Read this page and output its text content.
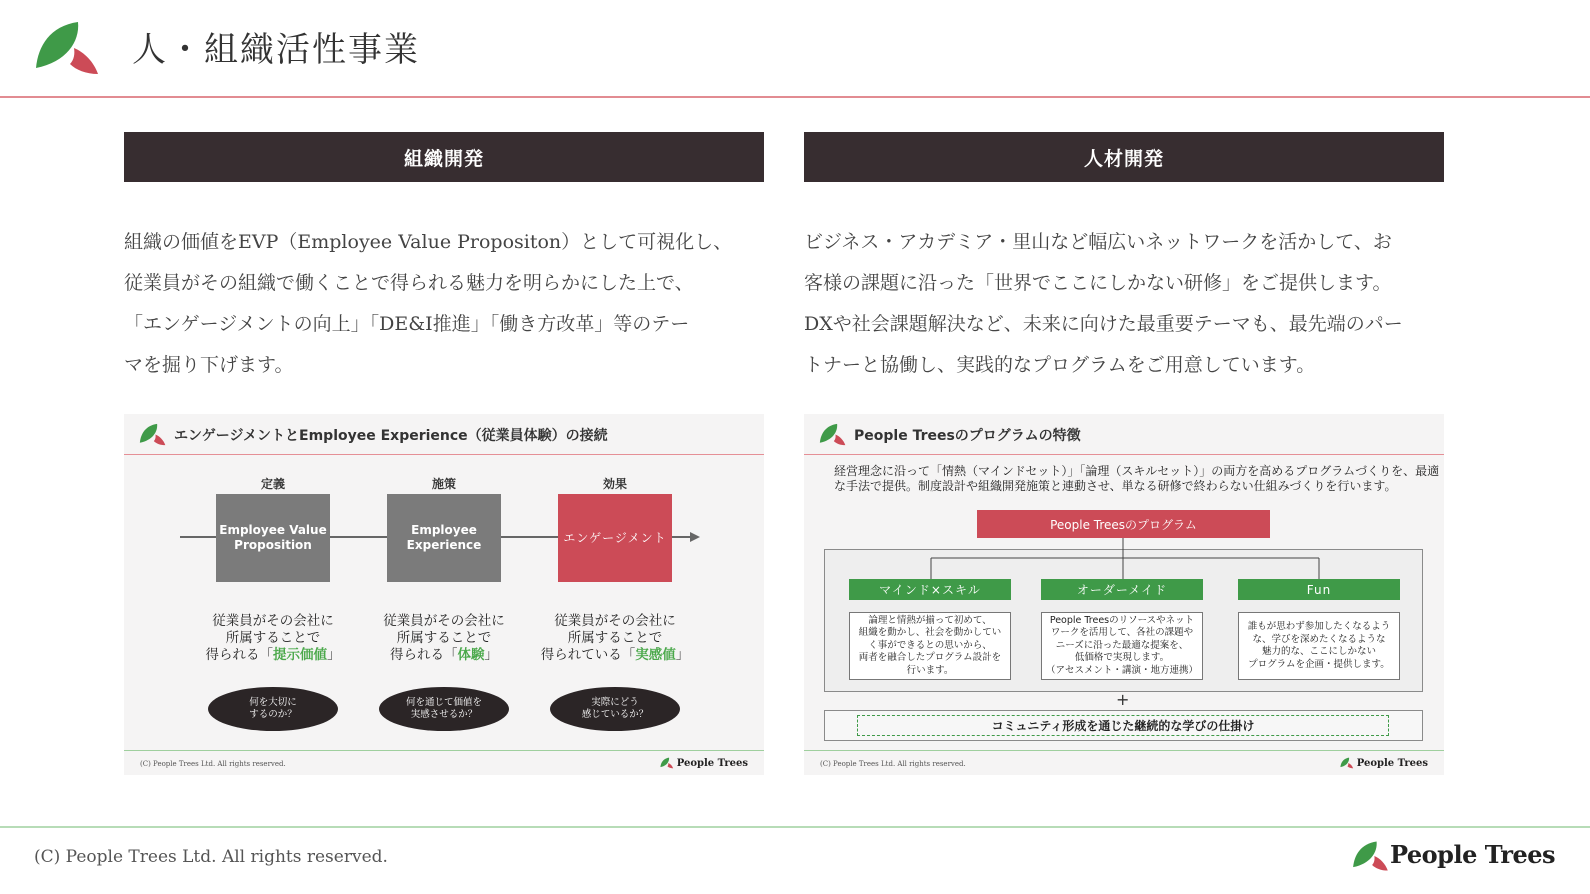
人・組織活性事業
組織開発
組織の価値をEVP（Employee Value Propositon）として可視化し、
従業員がその組織で働くことで得られる魅力を明らかにした上で、
「エンゲージメントの向上」「DE&I推進」「働き方改革」等のテー
マを掘り下げます。
エンゲージメントとEmployee Experience（従業員体験）の接続
定義	施策	効果
Employee Value Proposition
Employee Experience
エンゲージメント
従業員がその会社に
所属することで
得られる「提示価値」
従業員がその会社に
所属することで
得られる「体験」
従業員がその会社に
所属することで
得られている「実感値」
何を大切に
するのか？
何を通じて価値を
実感させるか？
実際にどう
感じているか？
(C) People Trees Ltd. All rights reserved.	People Trees
人材開発
ビジネス・アカデミア・里山など幅広いネットワークを活かして、お
客様の課題に沿った「世界でここにしかない研修」をご提供します。
DXや社会課題解決など、未来に向けた最重要テーマも、最先端のパー
トナーと協働し、実践的なプログラムをご用意しています。
People Treesのプログラムの特徴
経営理念に沿って「情熱（マインドセット）」「論理（スキルセット）」の両方を高めるプログラムづくりを、最適
な手法で提供。制度設計や組織開発施策と連動させ、単なる研修で終わらない仕組みづくりを行います。
People Treesのプログラム
マインド×スキル	オーダーメイド	Fun
論理と情熱が揃って初めて、
組織を動かし、社会を動かしてい
く事ができるとの思いから、
両者を融合したプログラム設計を
行います。
People Treesのリソースやネット
ワークを活用して、各社の課題や
ニーズに沿った最適な提案を、
低価格で実現します。
（アセスメント・講演・地方連携）
誰もが思わず参加したくなるよう
な、学びを深めたくなるような
魅力的な、ここにしかない
プログラムを企画・提供します。
+
コミュニティ形成を通じた継続的な学びの仕掛け
(C) People Trees Ltd. All rights reserved.	People Trees
(C) People Trees Ltd. All rights reserved.	People Trees
